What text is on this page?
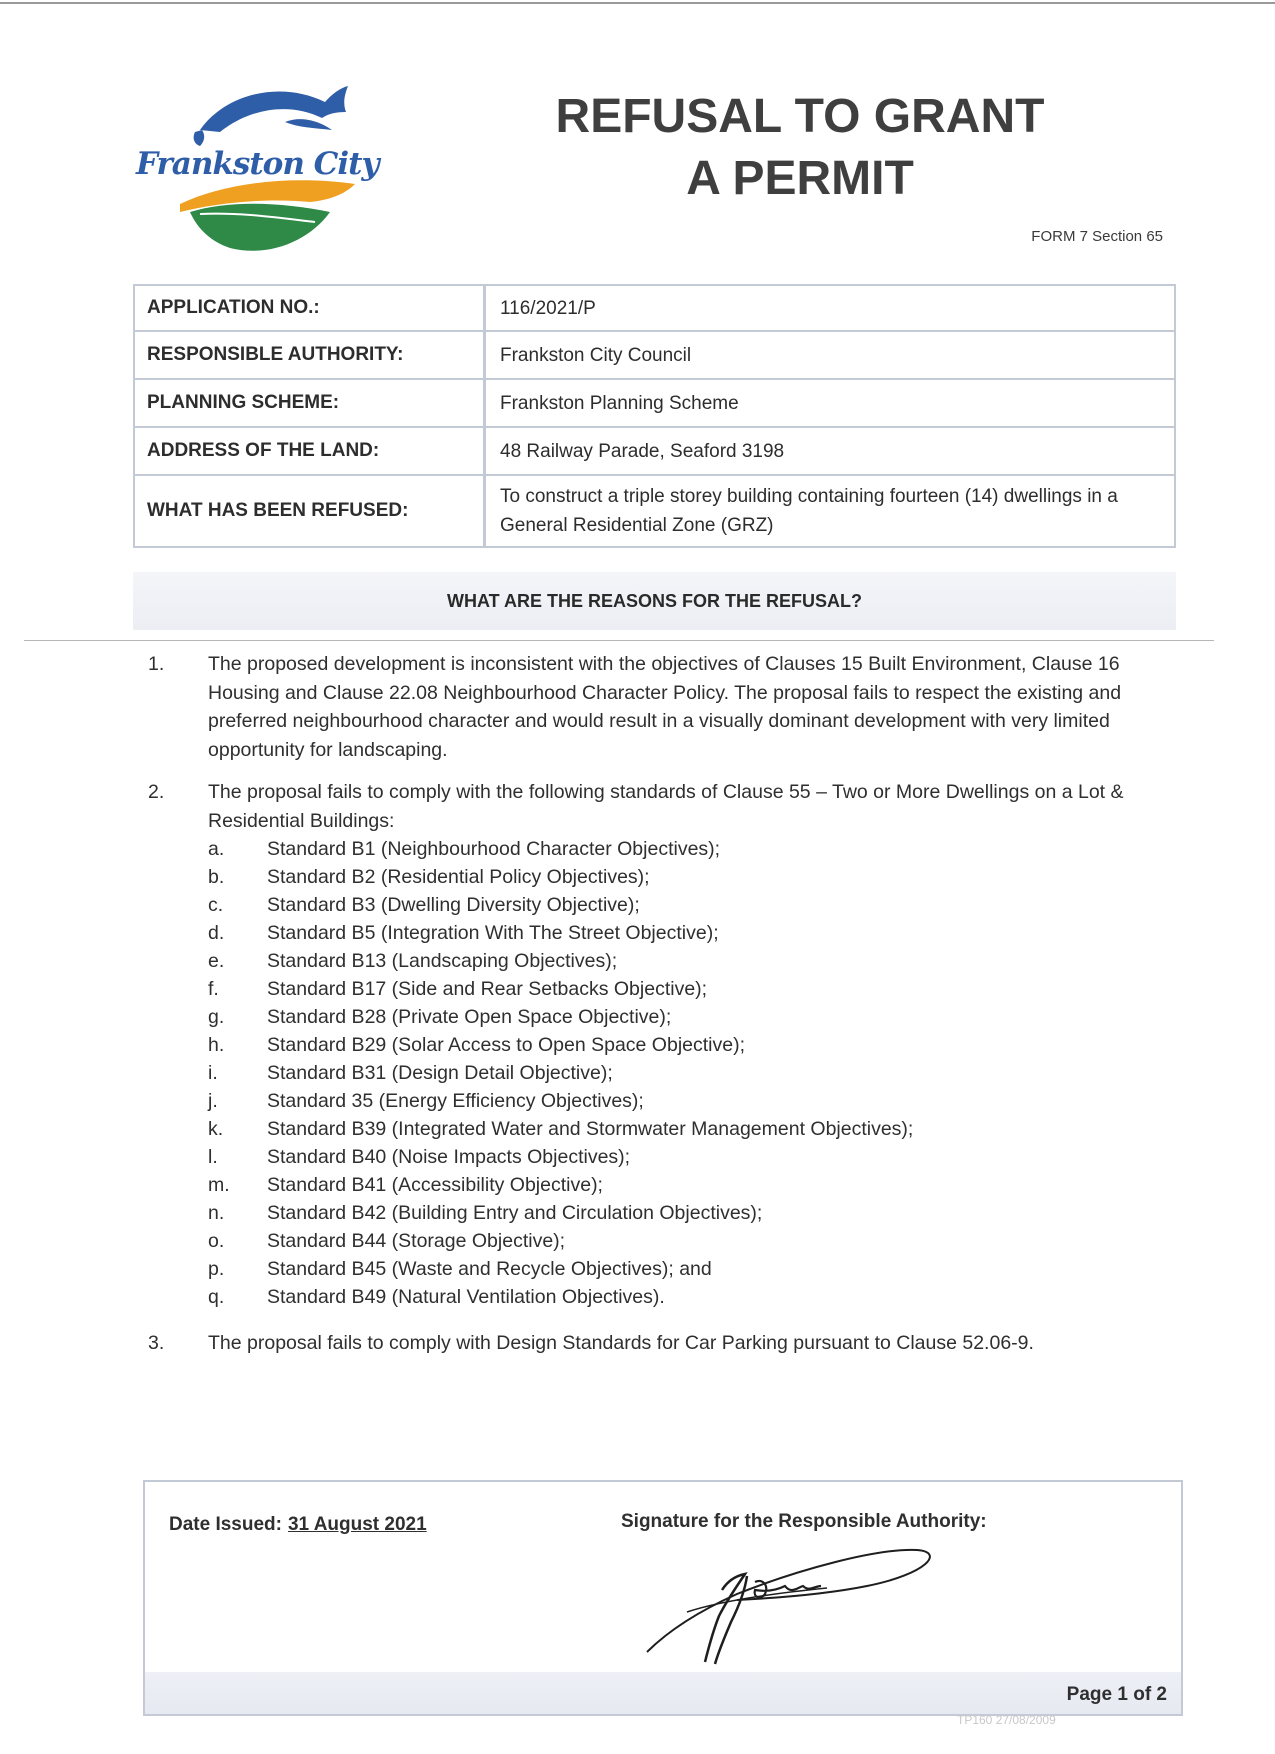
Frankston City
REFUSAL TO GRANT
A PERMIT
FORM 7 Section 65
APPLICATION NO.:	116/2021/P
RESPONSIBLE AUTHORITY:	Frankston City Council
PLANNING SCHEME:	Frankston Planning Scheme
ADDRESS OF THE LAND:	48 Railway Parade, Seaford 3198
WHAT HAS BEEN REFUSED:
To construct a triple storey building containing fourteen (14) dwellings in a General Residential Zone (GRZ)
WHAT ARE THE REASONS FOR THE REFUSAL?
1.	The proposed development is inconsistent with the objectives of Clauses 15 Built Environment, Clause 16 Housing and Clause 22.08 Neighbourhood Character Policy. The proposal fails to respect the existing and preferred neighbourhood character and would result in a visually dominant development with very limited opportunity for landscaping.
2.	The proposal fails to comply with the following standards of Clause 55 – Two or More Dwellings on a Lot & Residential Buildings:
a.	Standard B1 (Neighbourhood Character Objectives);
b.	Standard B2 (Residential Policy Objectives);
c.	Standard B3 (Dwelling Diversity Objective);
d.	Standard B5 (Integration With The Street Objective);
e.	Standard B13 (Landscaping Objectives);
f.	Standard B17 (Side and Rear Setbacks Objective);
g.	Standard B28 (Private Open Space Objective);
h.	Standard B29 (Solar Access to Open Space Objective);
i.	Standard B31 (Design Detail Objective);
j.	Standard 35 (Energy Efficiency Objectives);
k.	Standard B39 (Integrated Water and Stormwater Management Objectives);
l.	Standard B40 (Noise Impacts Objectives);
m.	Standard B41 (Accessibility Objective);
n.	Standard B42 (Building Entry and Circulation Objectives);
o.	Standard B44 (Storage Objective);
p.	Standard B45 (Waste and Recycle Objectives); and
q.	Standard B49 (Natural Ventilation Objectives).
3.	The proposal fails to comply with Design Standards for Car Parking pursuant to Clause 52.06-9.
Date Issued: 31 August 2021	Signature for the Responsible Authority:
Page 1 of 2
TP160 27/08/2009
